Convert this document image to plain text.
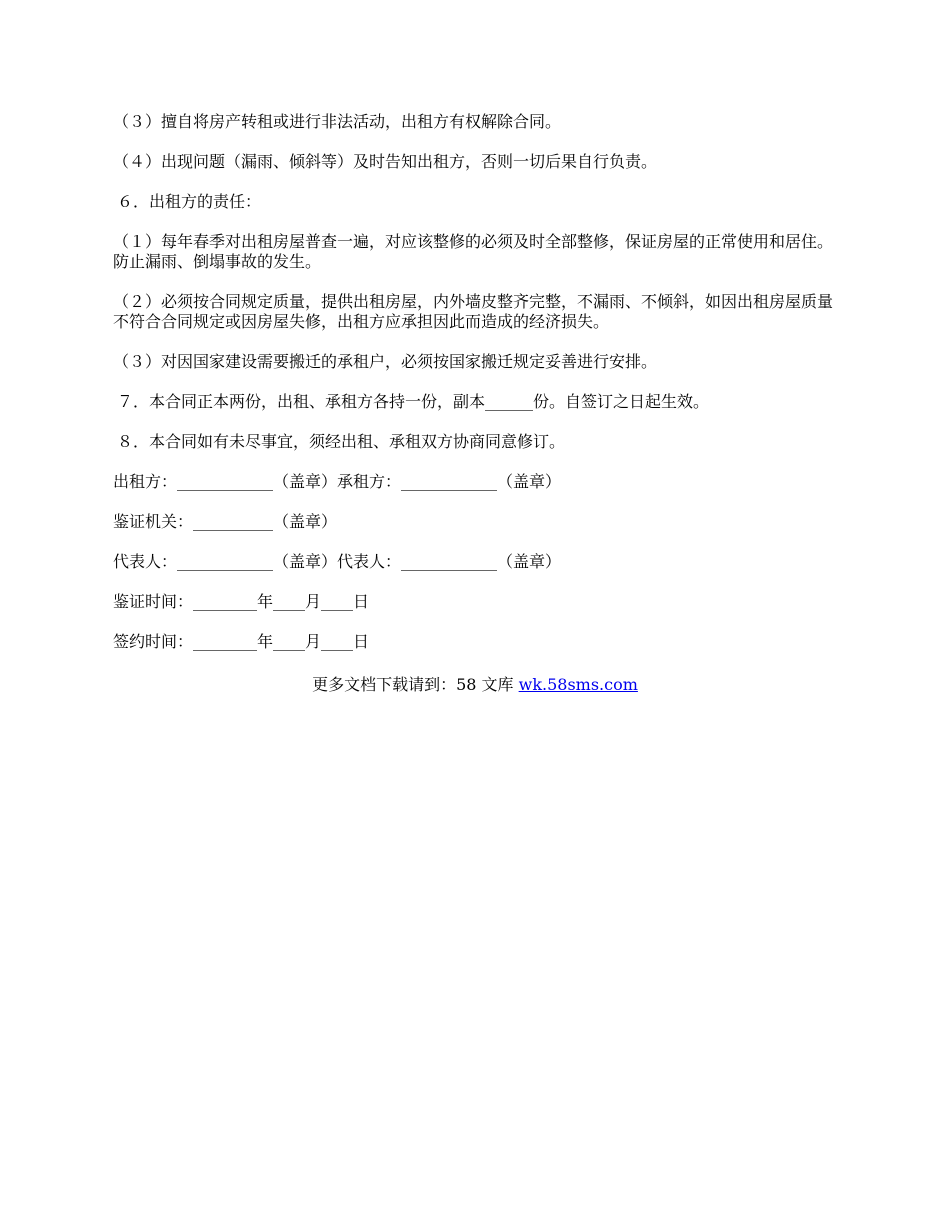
（３）擅自将房产转租或进行非法活动，出租方有权解除合同。

（４）出现问题（漏雨、倾斜等）及时告知出租方，否则一切后果自行负责。

６．出租方的责任：

（１）每年春季对出租房屋普查一遍，对应该整修的必须及时全部整修，保证房屋的正常使用和居住。防止漏雨、倒塌事故的发生。

（２）必须按合同规定质量，提供出租房屋，内外墙皮整齐完整，不漏雨、不倾斜，如因出租房屋质量不符合合同规定或因房屋失修，出租方应承担因此而造成的经济损失。

（３）对因国家建设需要搬迁的承租户，必须按国家搬迁规定妥善进行安排。

７．本合同正本两份，出租、承租方各持一份，副本______份。自签订之日起生效。

８．本合同如有未尽事宜，须经出租、承租双方协商同意修订。

出租方：____________（盖章）承租方：____________（盖章）

鉴证机关：__________（盖章）

代表人：____________（盖章）代表人：____________（盖章）

鉴证时间：________年____月____日

签约时间：________年____月____日

更多文档下载请到：58 文库 wk.58sms.com
